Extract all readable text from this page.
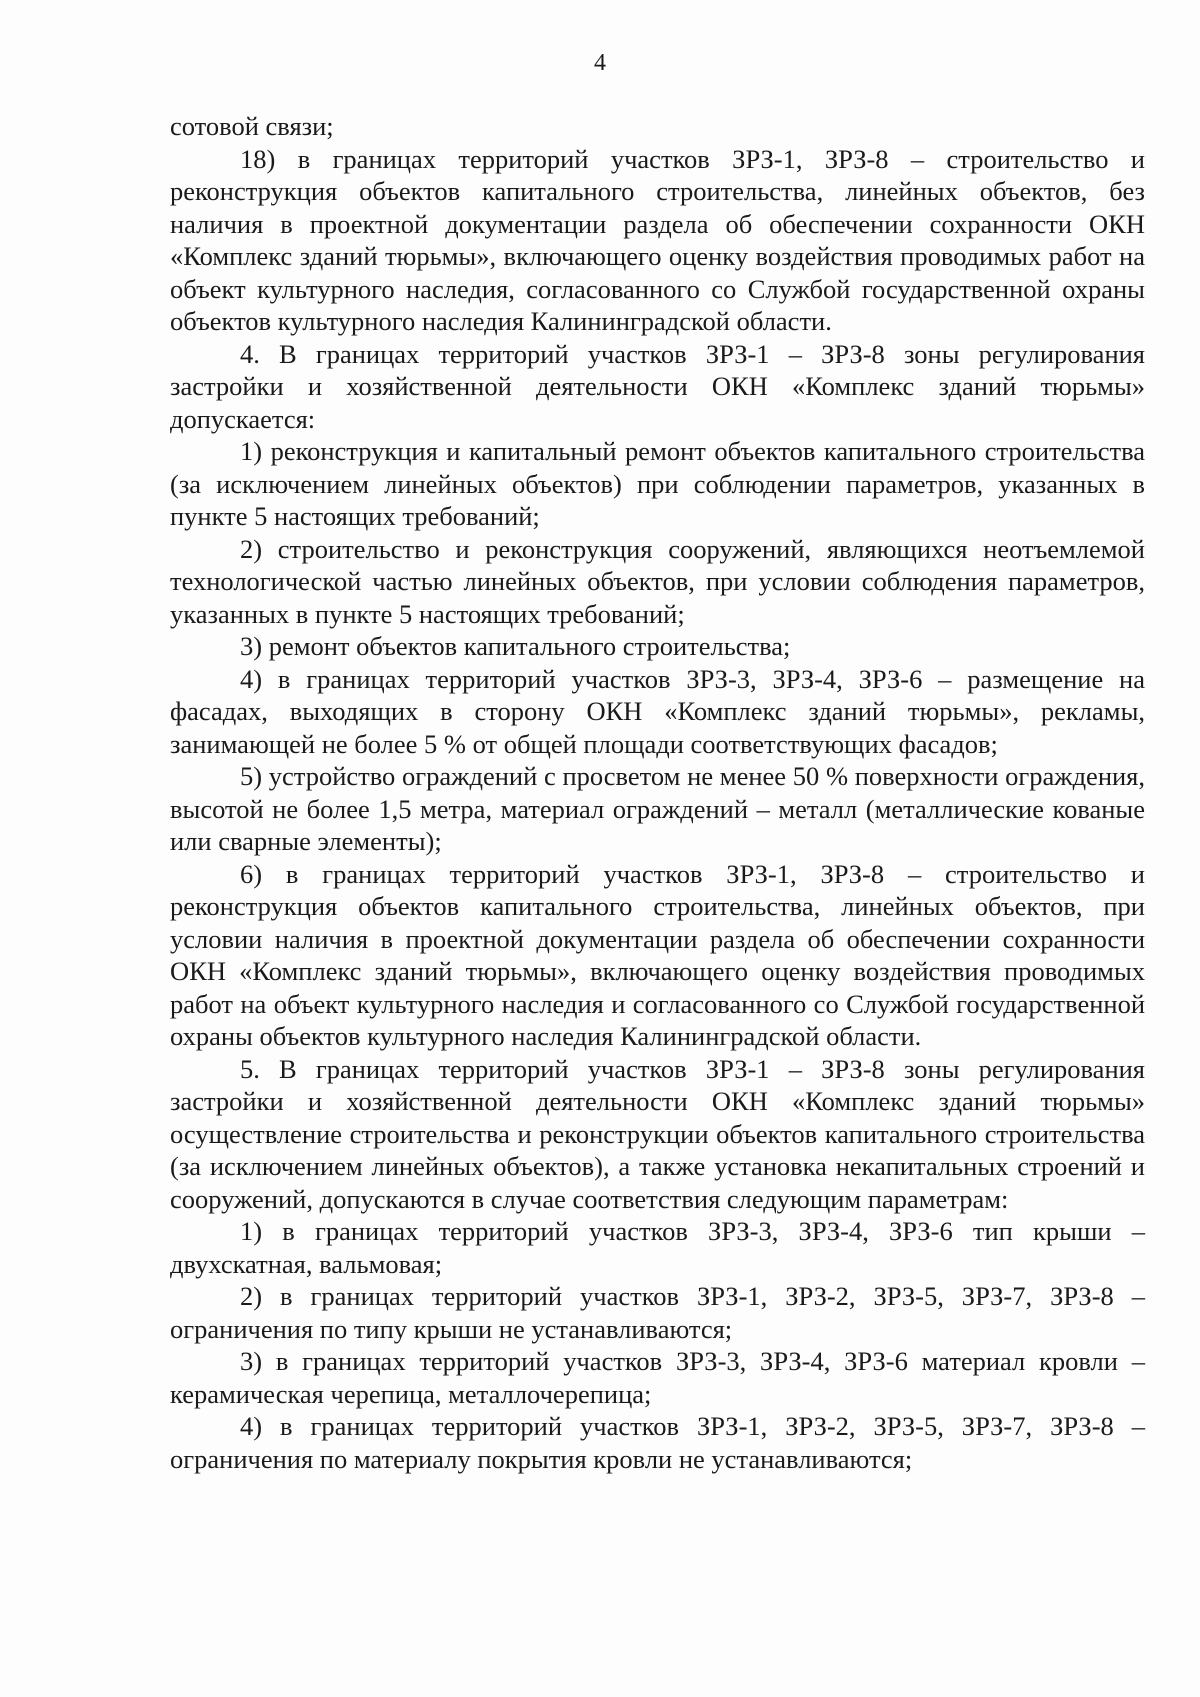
4

сотовой связи;

18) в границах территорий участков ЗРЗ-1, ЗРЗ-8 – строительство и реконструкция объектов капитального строительства, линейных объектов, без наличия в проектной документации раздела об обеспечении сохранности ОКН «Комплекс зданий тюрьмы», включающего оценку воздействия проводимых работ на объект культурного наследия, согласованного со Службой государственной охраны объектов культурного наследия Калининградской области.

4. В границах территорий участков ЗРЗ-1 – ЗРЗ-8 зоны регулирования застройки и хозяйственной деятельности ОКН «Комплекс зданий тюрьмы» допускается:

1) реконструкция и капитальный ремонт объектов капитального строительства (за исключением линейных объектов) при соблюдении параметров, указанных в пункте 5 настоящих требований;

2) строительство и реконструкция сооружений, являющихся неотъемлемой технологической частью линейных объектов, при условии соблюдения параметров, указанных в пункте 5 настоящих требований;

3) ремонт объектов капитального строительства;

4) в границах территорий участков ЗРЗ-3, ЗРЗ-4, ЗРЗ-6 – размещение на фасадах, выходящих в сторону ОКН «Комплекс зданий тюрьмы», рекламы, занимающей не более 5 % от общей площади соответствующих фасадов;

5) устройство ограждений с просветом не менее 50 % поверхности ограждения, высотой не более 1,5 метра, материал ограждений – металл (металлические кованые или сварные элементы);

6) в границах территорий участков ЗРЗ-1, ЗРЗ-8 – строительство и реконструкция объектов капитального строительства, линейных объектов, при условии наличия в проектной документации раздела об обеспечении сохранности ОКН «Комплекс зданий тюрьмы», включающего оценку воздействия проводимых работ на объект культурного наследия и согласованного со Службой государственной охраны объектов культурного наследия Калининградской области.

5. В границах территорий участков ЗРЗ-1 – ЗРЗ-8 зоны регулирования застройки и хозяйственной деятельности ОКН «Комплекс зданий тюрьмы» осуществление строительства и реконструкции объектов капитального строительства (за исключением линейных объектов), а также установка некапитальных строений и сооружений, допускаются в случае соответствия следующим параметрам:

1) в границах территорий участков ЗРЗ-3, ЗРЗ-4, ЗРЗ-6 тип крыши – двухскатная, вальмовая;

2) в границах территорий участков ЗРЗ-1, ЗРЗ-2, ЗРЗ-5, ЗРЗ-7, ЗРЗ-8 – ограничения по типу крыши не устанавливаются;

3) в границах территорий участков ЗРЗ-3, ЗРЗ-4, ЗРЗ-6 материал кровли – керамическая черепица, металлочерепица;

4) в границах территорий участков ЗРЗ-1, ЗРЗ-2, ЗРЗ-5, ЗРЗ-7, ЗРЗ-8 – ограничения по материалу покрытия кровли не устанавливаются;
